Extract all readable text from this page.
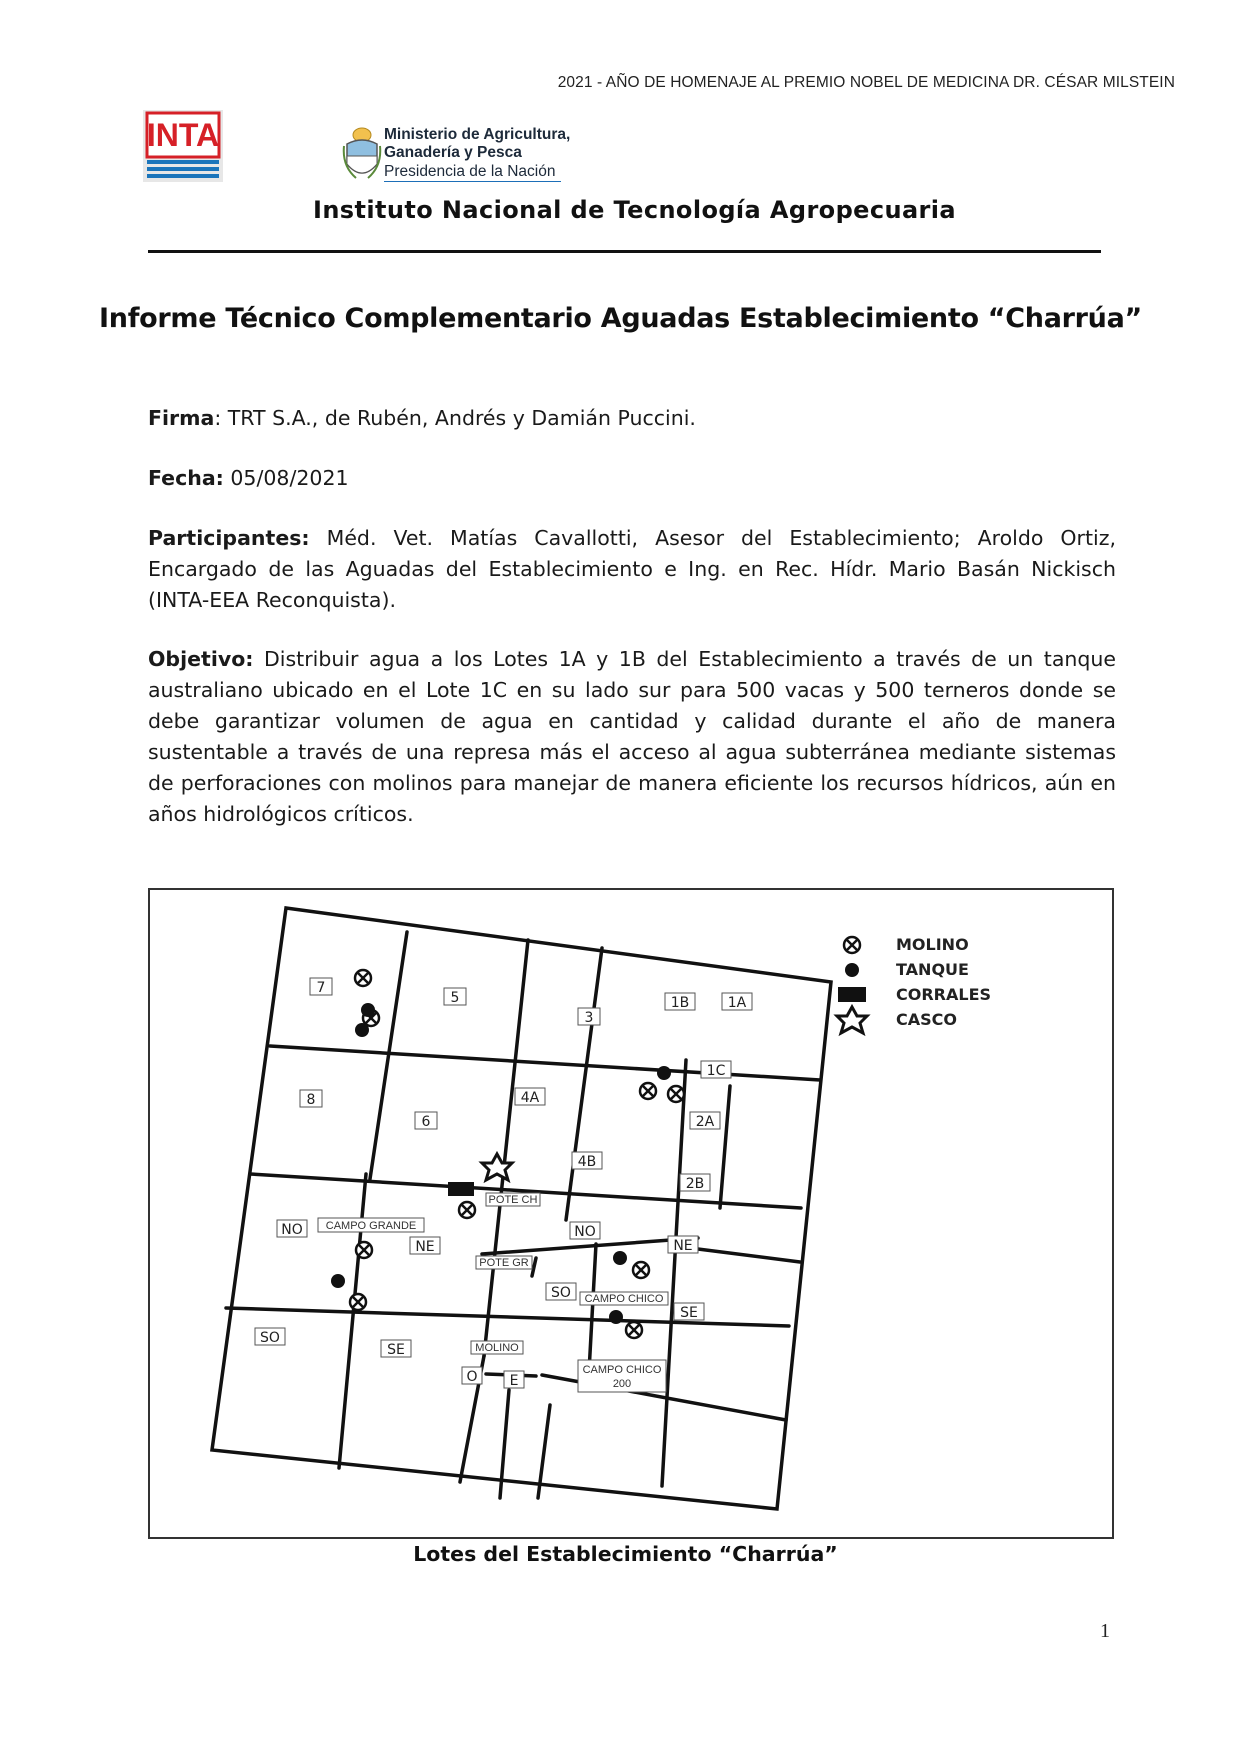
2021 - AÑO DE HOMENAJE AL PREMIO NOBEL DE MEDICINA DR. CÉSAR MILSTEIN
INTA	Ministerio de Agricultura,
Ganadería y Pesca
Presidencia de la Nación
Instituto Nacional de Tecnología Agropecuaria
Informe Técnico Complementario Aguadas Establecimiento “Charrúa”
Firma: TRT S.A., de Rubén, Andrés y Damián Puccini.
Fecha: 05/08/2021
Participantes: Méd. Vet. Matías Cavallotti, Asesor del Establecimiento; Aroldo Ortiz, Encargado de las Aguadas del Establecimiento e Ing. en Rec. Hídr. Mario Basán Nickisch (INTA-EEA Reconquista).
Objetivo: Distribuir agua a los Lotes 1A y 1B del Establecimiento a través de un tanque australiano ubicado en el Lote 1C en su lado sur para 500 vacas y 500 terneros donde se debe garantizar volumen de agua en cantidad y calidad durante el año de manera sustentable a través de una represa más el acceso al agua subterránea mediante sistemas de perforaciones con molinos para manejar de manera eficiente los recursos hídricos, aún en años hidrológicos críticos.
7
5
3
1B	1A
1C
8
6
4A
2A
4B
2B
POTE CH
NO CAMPO GRANDE
NE
NO
NE
POTE GR
SO CAMPO CHICO
SE
SO
SE	MOLINO
O E
CAMPO CHICO
200
MOLINO
TANQUE
CORRALES
CASCO
Lotes del Establecimiento “Charrúa”
1
